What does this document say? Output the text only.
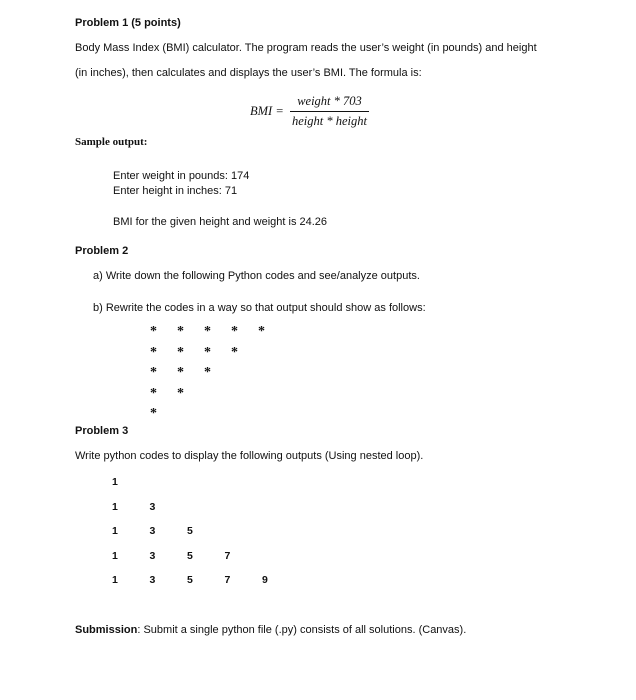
Problem 1 (5 points)
Body Mass Index (BMI) calculator. The program reads the user’s weight (in pounds) and height
(in inches), then calculates and displays the user’s BMI. The formula is:
BMI =
weight * 703
height * height
Sample output:
Enter weight in pounds: 174
Enter height in inches: 71
BMI for the given height and weight is 24.26
Problem 2
a) Write down the following Python codes and see/analyze outputs.
b) Rewrite the codes in a way so that output should show as follows:
* * * * *
* * * *
* * *
* *
*
Problem 3
Write python codes to display the following outputs (Using nested loop).
1
1	3
1	3	5
1	3	5	7
1	3	5	7	9
Submission: Submit a single python file (.py) consists of all solutions. (Canvas).
